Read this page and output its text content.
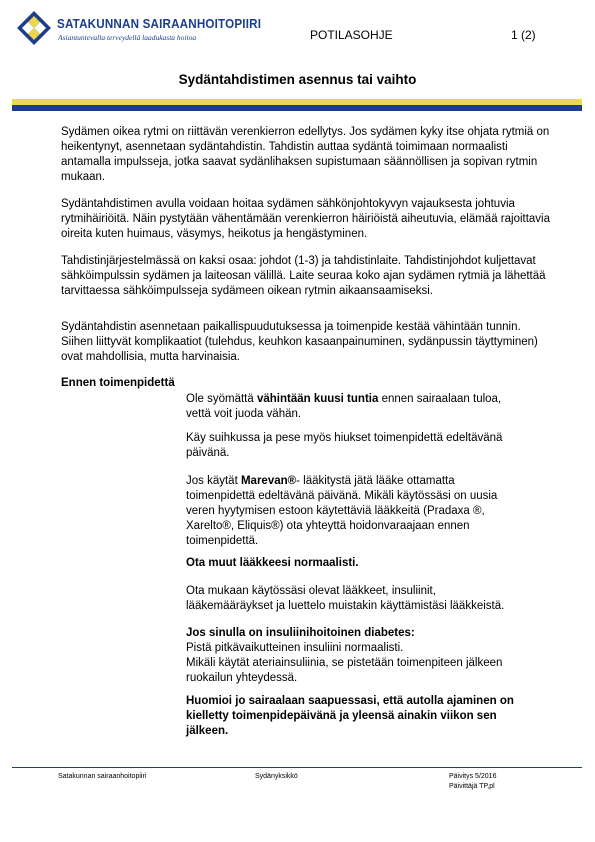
SATAKUNNAN SAIRAANHOITOPIIRI
Asiantuntevalla terveydellä laadukasta hoitoa	POTILASOHJE	1 (2)
Sydäntahdistimen asennus tai vaihto

Sydämen oikea rytmi on riittävän verenkierron edellytys. Jos sydämen kyky itse ohjata rytmiä on heikentynyt, asennetaan sydäntahdistin. Tahdistin auttaa sydäntä toimimaan normaalisti antamalla impulsseja, jotka saavat sydänlihaksen supistumaan säännöllisen ja sopivan rytmin mukaan.

Sydäntahdistimen avulla voidaan hoitaa sydämen sähkönjohtokyvyn vajauksesta johtuvia rytmihäiriöitä. Näin pystytään vähentämään verenkierron häiriöistä aiheutuvia, elämää rajoittavia oireita kuten huimaus, väsymys, heikotus ja hengästyminen.

Tahdistinjärjestelmässä on kaksi osaa: johdot (1-3) ja tahdistinlaite. Tahdistinjohdot kuljettavat sähköimpulssin sydämen ja laiteosan välillä. Laite seuraa koko ajan sydämen rytmiä ja lähettää tarvittaessa sähköimpulsseja sydämeen oikean rytmin aikaansaamiseksi.

Sydäntahdistin asennetaan paikallispuudutuksessa ja toimenpide kestää vähintään tunnin. Siihen liittyvät komplikaatiot (tulehdus, keuhkon kasaanpainuminen, sydänpussin täyttyminen) ovat mahdollisia, mutta harvinaisia.

Ennen toimenpidettä

Ole syömättä vähintään kuusi tuntia ennen sairaalaan tuloa, vettä voit juoda vähän.

Käy suihkussa ja pese myös hiukset toimenpidettä edeltävänä päivänä.

Jos käytät Marevan®- lääkitystä jätä lääke ottamatta toimenpidettä edeltävänä päivänä. Mikäli käytössäsi on uusia veren hyytymisen estoon käytettäviä lääkkeitä (Pradaxa ®, Xarelto®, Eliquis®) ota yhteyttä hoidonvaraajaan ennen toimenpidettä.

Ota muut lääkkeesi normaalisti.

Ota mukaan käytössäsi olevat lääkkeet, insuliinit, lääkemääräykset ja luettelo muistakin käyttämistäsi lääkkeistä.

Jos sinulla on insuliinihoitoinen diabetes:
Pistä pitkävaikutteinen insuliini normaalisti.
Mikäli käytät ateriainsuliinia, se pistetään toimenpiteen jälkeen ruokailun yhteydessä.

Huomioi jo sairaalaan saapuessasi, että autolla ajaminen on kielletty toimenpidepäivänä ja yleensä ainakin viikon sen jälkeen.

Satakunnan sairaanhoitopiiri	Sydänyksikkö	Päivitys 5/2016
Päivittäjä TP,pl
